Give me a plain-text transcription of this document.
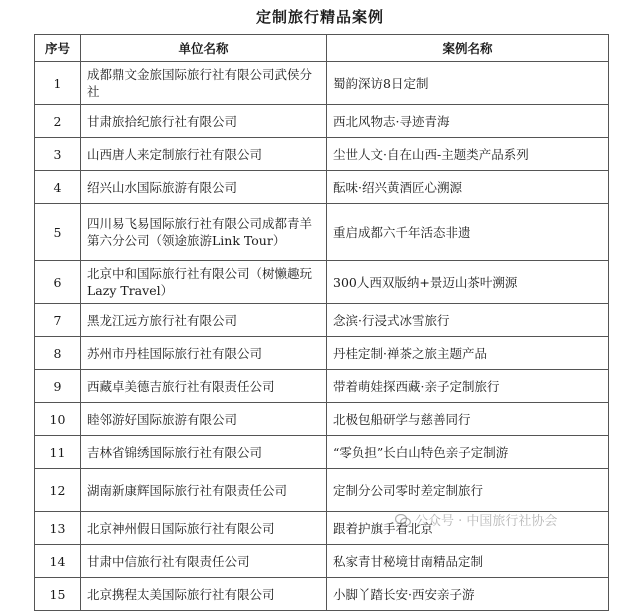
定制旅行精品案例
序号	单位名称	案例名称
1	成都鼎文金旅国际旅行社有限公司武侯分社	蜀韵深访8日定制
2	甘肃旅拾纪旅行社有限公司	西北风物志·寻迹青海
3	山西唐人来定制旅行社有限公司	尘世人文·自在山西-主题类产品系列
4	绍兴山水国际旅游有限公司	酝味·绍兴黄酒匠心溯源
5	四川易飞易国际旅行社有限公司成都青羊第六分公司（领途旅游Link Tour）	重启成都六千年活态非遗
6	北京中和国际旅行社有限公司（树懒趣玩 Lazy Travel）	300人西双版纳+景迈山茶叶溯源
7	黑龙江远方旅行社有限公司	念滨·行浸式冰雪旅行
8	苏州市丹桂国际旅行社有限公司	丹桂定制·禅茶之旅主题产品
9	西藏卓美德吉旅行社有限责任公司	带着萌娃探西藏·亲子定制旅行
10	睦邻游好国际旅游有限公司	北极包船研学与慈善同行
11	吉林省锦绣国际旅行社有限公司	“零负担”长白山特色亲子定制游
12	湖南新康辉国际旅行社有限责任公司	定制分公司零时差定制旅行
13	北京神州假日国际旅行社有限公司	跟着护旗手看北京
14	甘肃中信旅行社有限责任公司	私家青甘秘境甘南精品定制
15	北京携程太美国际旅行社有限公司	小脚丫踏长安·西安亲子游
公众号 · 中国旅行社协会
